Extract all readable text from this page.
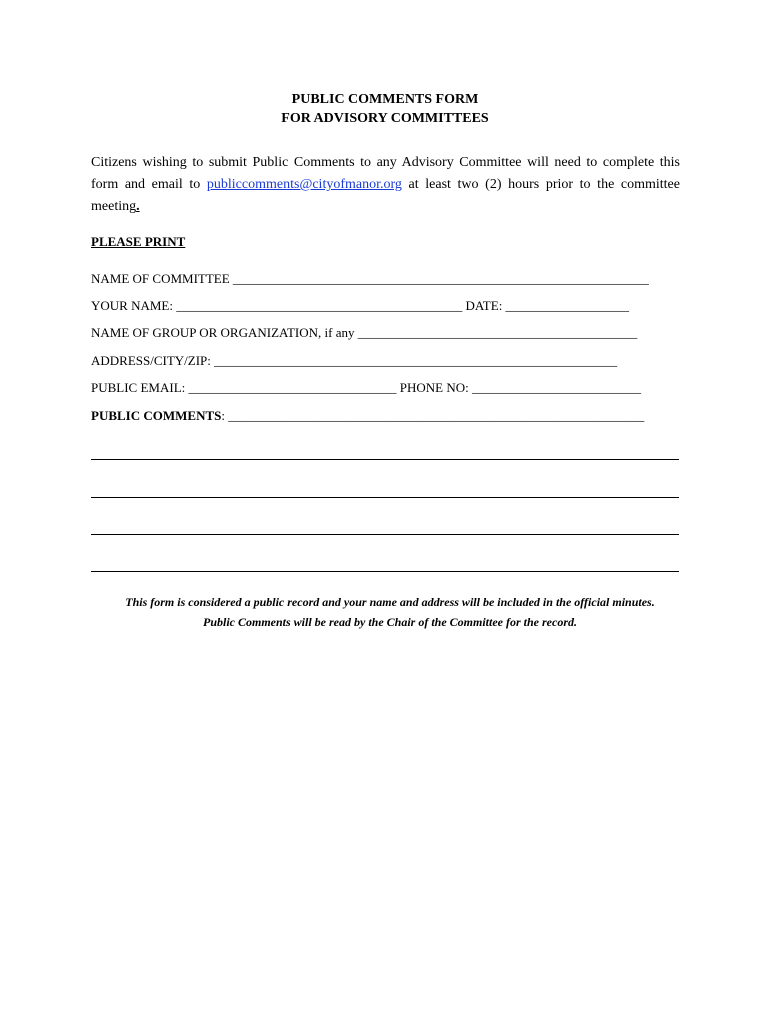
PUBLIC COMMENTS FORM
FOR ADVISORY COMMITTEES
Citizens wishing to submit Public Comments to any Advisory Committee will need to complete this form and email to publiccomments@cityofmanor.org at least two (2) hours prior to the committee meeting.
PLEASE PRINT
NAME OF COMMITTEE ________________________________________________________________
YOUR NAME: ____________________________________________ DATE: ___________________
NAME OF GROUP OR ORGANIZATION, if any ___________________________________________
ADDRESS/CITY/ZIP: ______________________________________________________________
PUBLIC EMAIL: ________________________________ PHONE NO: __________________________
PUBLIC COMMENTS: ________________________________________________________________
This form is considered a public record and your name and address will be included in the official minutes.
Public Comments will be read by the Chair of the Committee for the record.
